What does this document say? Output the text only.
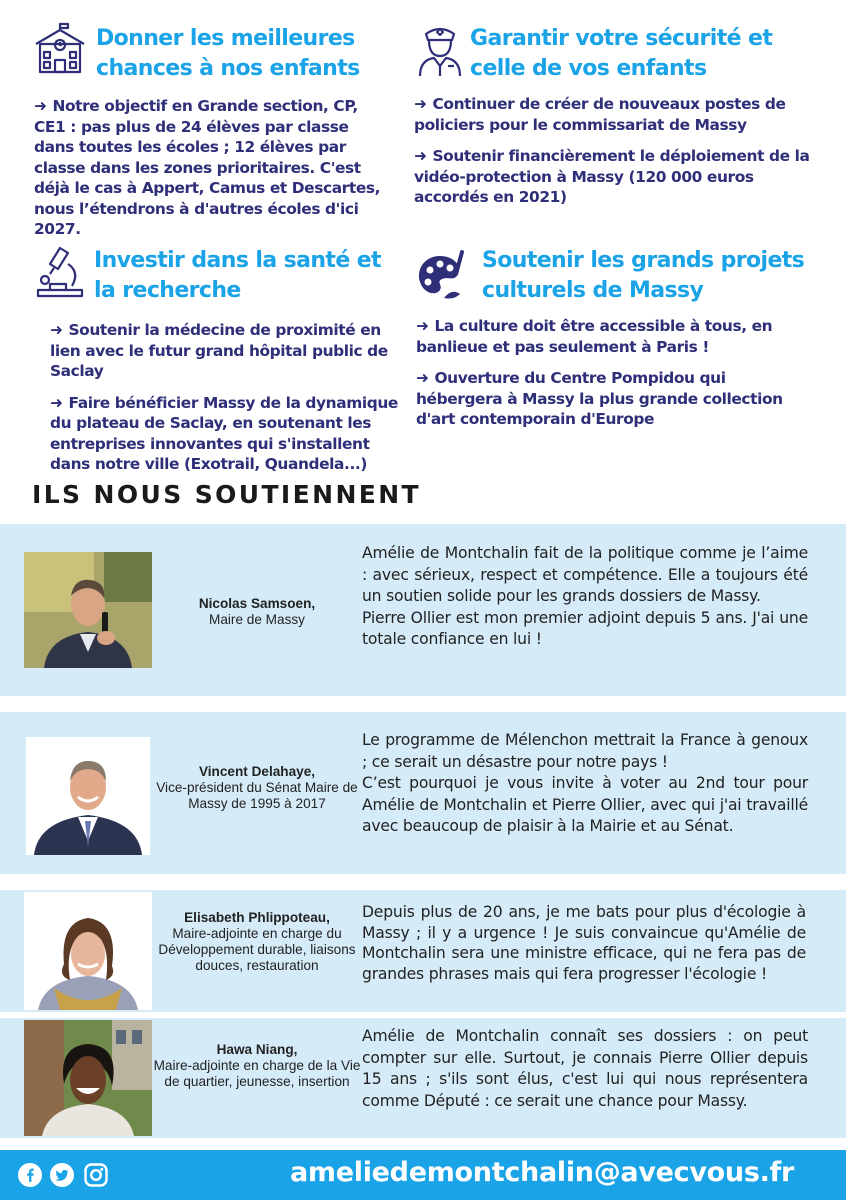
Donner les meilleures chances à nos enfants

➜ Notre objectif en Grande section, CP, CE1 : pas plus de 24 élèves par classe dans toutes les écoles ; 12 élèves par classe dans les zones prioritaires. C'est déjà le cas à Appert, Camus et Descartes, nous l’étendrons à d'autres écoles d'ici 2027.

Garantir votre sécurité et celle de vos enfants

➜ Continuer de créer de nouveaux postes de policiers pour le commissariat de Massy

➜ Soutenir financièrement le déploiement de la vidéo-protection à Massy (120 000 euros accordés en 2021)

Investir dans la santé et la recherche

➜ Soutenir la médecine de proximité en lien avec le futur grand hôpital public de Saclay

➜ Faire bénéficier Massy de la dynamique du plateau de Saclay, en soutenant les entreprises innovantes qui s'installent dans notre ville (Exotrail, Quandela...)

Soutenir les grands projets culturels de Massy

➜ La culture doit être accessible à tous, en banlieue et pas seulement à Paris !

➜ Ouverture du Centre Pompidou qui hébergera à Massy la plus grande collection d'art contemporain d'Europe

ILS NOUS SOUTIENNENT
Nicolas Samsoen,
Maire de Massy
Amélie de Montchalin fait de la politique comme je l’aime : avec sérieux, respect et compétence. Elle a toujours été un soutien solide pour les grands dossiers de Massy.
Pierre Ollier est mon premier adjoint depuis 5 ans. J'ai une totale confiance en lui !
Vincent Delahaye,
Vice-président du Sénat Maire de Massy de 1995 à 2017
Le programme de Mélenchon mettrait la France à genoux ; ce serait un désastre pour notre pays !
C’est pourquoi je vous invite à voter au 2nd tour pour Amélie de Montchalin et Pierre Ollier, avec qui j'ai travaillé avec beaucoup de plaisir à la Mairie et au Sénat.
Elisabeth Phlippoteau,
Maire-adjointe en charge du Développement durable, liaisons douces, restauration
Depuis plus de 20 ans, je me bats pour plus d'écologie à Massy ; il y a urgence ! Je suis convaincue qu'Amélie de Montchalin sera une ministre efficace, qui ne fera pas de grandes phrases mais qui fera progresser l'écologie !
Hawa Niang,
Maire-adjointe en charge de la Vie de quartier, jeunesse, insertion
Amélie de Montchalin connaît ses dossiers : on peut compter sur elle. Surtout, je connais Pierre Ollier depuis 15 ans ; s'ils sont élus, c'est lui qui nous représentera comme Député : ce serait une chance pour Massy.
ameliedemontchalin@avecvous.fr
